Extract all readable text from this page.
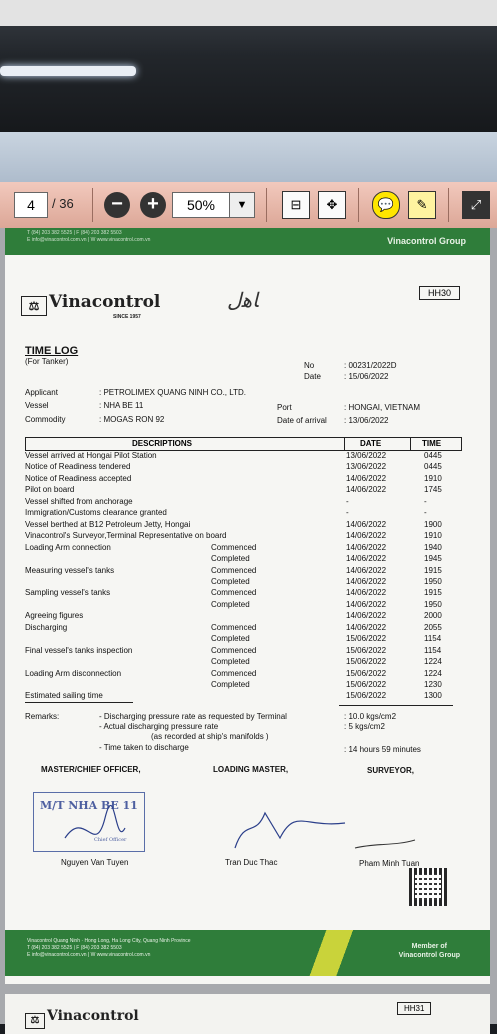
4	/ 36	−	+	50%	▼	⊟	✥	💬	✎	⤢
T (84) 203 382 5525 | F (84) 203 382 5503
E info@vinacontrol.com.vn | W www.vinacontrol.com.vn	Vinacontrol Group
HH30
⚖ Vinacontrol
SINCE 1957
ﺎﻫل
TIME LOG
(For Tanker)	No	: 00231/2022D
Date	: 15/06/2022
Applicant	: PETROLIMEX QUANG NINH CO., LTD.
Vessel	: NHA BE 11	Port	: HONGAI, VIETNAM
Commodity	: MOGAS RON 92	Date of arrival : 13/06/2022
DESCRIPTIONS	DATE	TIME
Vessel arrived at Hongai Pilot Station	13/06/2022	0445
Notice of Readiness tendered	13/06/2022	0445
Notice of Readiness accepted	14/06/2022	1910
Pilot on board	14/06/2022	1745
Vessel shifted from anchorage	-	-
Immigration/Customs clearance granted	-	-
Vessel berthed at B12 Petroleum Jetty, Hongai	14/06/2022	1900
Vinacontrol's Surveyor,Terminal Representative on board	14/06/2022	1910
Loading Arm connection	Commenced	14/06/2022	1940
Completed	14/06/2022	1945
Measuring vessel's tanks	Commenced	14/06/2022	1915
Completed	14/06/2022	1950
Sampling vessel's tanks	Commenced	14/06/2022	1915
Completed	14/06/2022	1950
Agreeing figures	14/06/2022	2000
Discharging	Commenced	14/06/2022	2055
Completed	15/06/2022	1154
Final vessel's tanks inspection	Commenced	15/06/2022	1154
Completed	15/06/2022	1224
Loading Arm disconnection	Commenced	15/06/2022	1224
Completed	15/06/2022	1230
Estimated sailing time	15/06/2022	1300
Remarks:	- Discharging pressure rate as requested by Terminal	: 10.0 kgs/cm2
- Actual discharging pressure rate	: 5 kgs/cm2
(as recorded at ship's manifolds )
- Time taken to discharge	: 14 hours 59 minutes
MASTER/CHIEF OFFICER,	LOADING MASTER,	SURVEYOR,
M/T NHA BE 11
Chief Officer
Nguyen Van Tuyen	Tran Duc Thac	Pham Minh Tuan
Vinacontrol Quang Ninh · Hong Long, Ha Long City, Quang Ninh Province
T (84) 203 382 5525 | F (84) 203 382 5503
E info@vinacontrol.com.vn | W www.vinacontrol.com.vn
Member of
Vinacontrol Group
⚖ Vinacontrol	HH31
